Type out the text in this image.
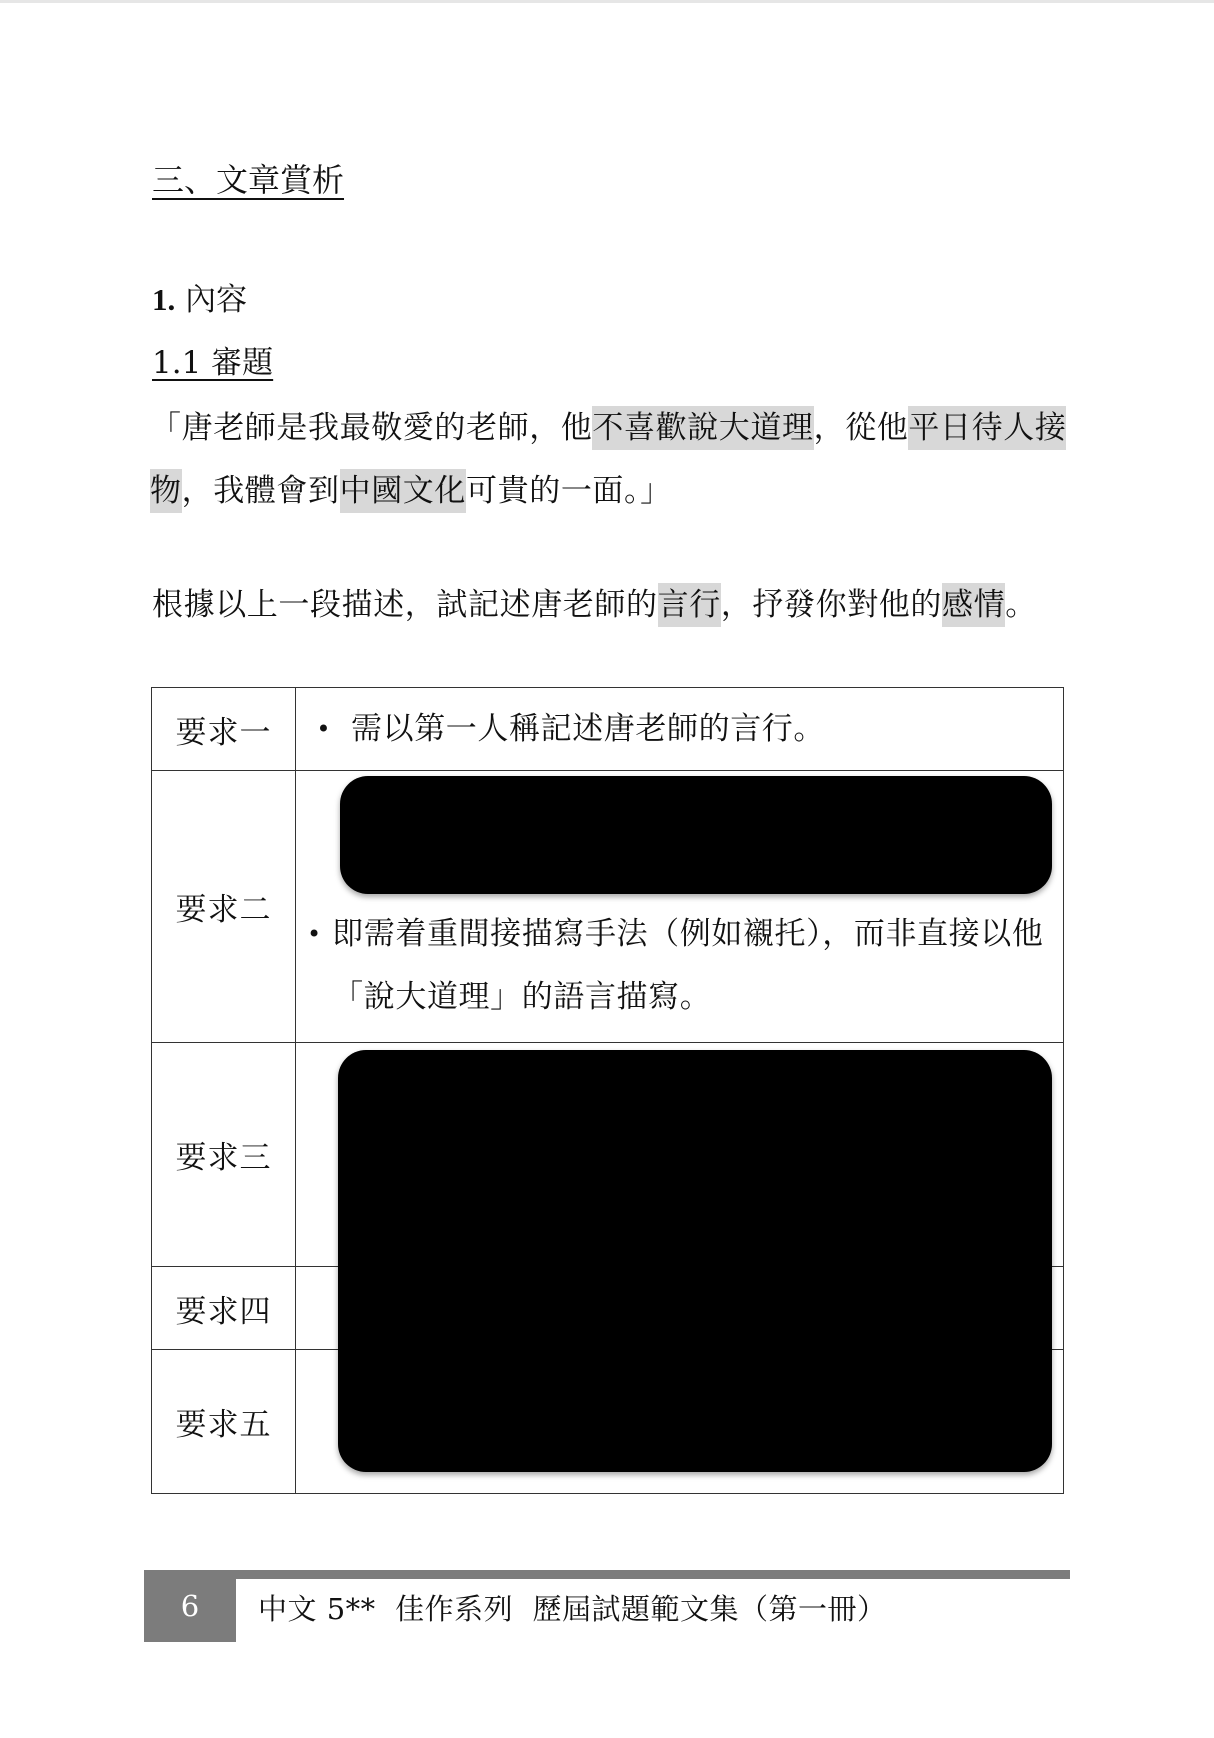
三、文章賞析
1. 內容
1.1 審題
「唐老師是我最敬愛的老師，他不喜歡說大道理，從他平日待人接物，我體會到中國文化可貴的一面。」
根據以上一段描述，試記述唐老師的言行，抒發你對他的感情。
要求一	• 需以第一人稱記述唐老師的言行。

要求二	• 即需着重間接描寫手法（例如襯托），而非直接以他「說大道理」的語言描寫。

要求三	
要求四	
要求五	
6	中文 5**  佳作系列  歷屆試題範文集（第一冊）
